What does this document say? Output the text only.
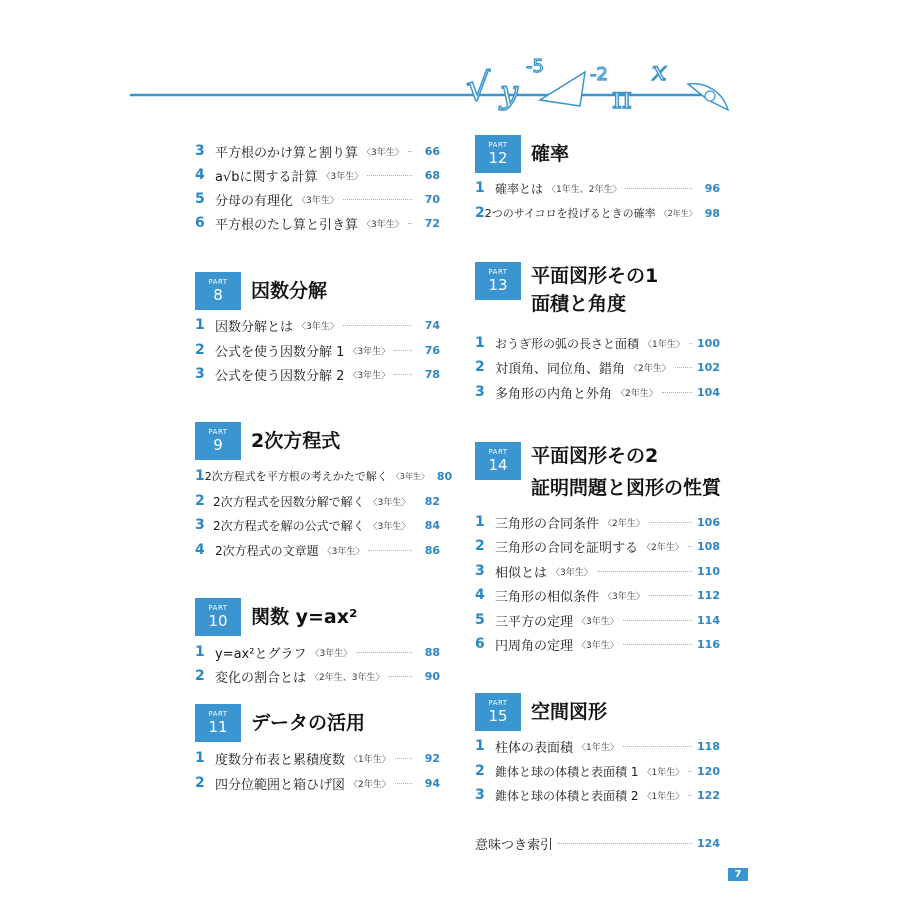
√ y
-5	-2
π
x
3 平方根のかけ算と割り算 〈3年生〉	66
4 a√bに関する計算 〈3年生〉	68
5 分母の有理化 〈3年生〉	70
6 平方根のたし算と引き算 〈3年生〉	72
PART
8	因数分解
1 因数分解とは 〈3年生〉	74
2 公式を使う因数分解 1 〈3年生〉	76
3 公式を使う因数分解 2 〈3年生〉	78
PART
9	2次方程式
1 2次方程式を平方根の考えかたで解く 〈3年生〉 80
2 2次方程式を因数分解で解く 〈3年生〉	82
3 2次方程式を解の公式で解く 〈3年生〉	84
4 2次方程式の文章題 〈3年生〉	86
PART
10	関数 y=ax²
1 y=ax²とグラフ 〈3年生〉	88
2 変化の割合とは 〈2年生、3年生〉	90
PART
11	データの活用
1 度数分布表と累積度数 〈1年生〉	92
2 四分位範囲と箱ひげ図 〈2年生〉	94
PART
12	確率
1 確率とは 〈1年生、2年生〉	96
2 2つのサイコロを投げるときの確率 〈2年生〉 98
PART
13	平面図形その1
面積と角度
1 おうぎ形の弧の長さと面積 〈1年生〉 100
2 対頂角、同位角、錯角 〈2年生〉 102
3 多角形の内角と外角 〈2年生〉	104
PART
14	平面図形その2
証明問題と図形の性質
1 三角形の合同条件 〈2年生〉	106
2 三角形の合同を証明する 〈2年生〉 108
3 相似とは 〈3年生〉	110
4 三角形の相似条件 〈3年生〉	112
5 三平方の定理 〈3年生〉	114
6 円周角の定理 〈3年生〉	116
PART
15	空間図形
1 柱体の表面積 〈1年生〉	118
2 錐体と球の体積と表面積 1 〈1年生〉 120
3 錐体と球の体積と表面積 2 〈1年生〉 122
意味つき索引	124
7
